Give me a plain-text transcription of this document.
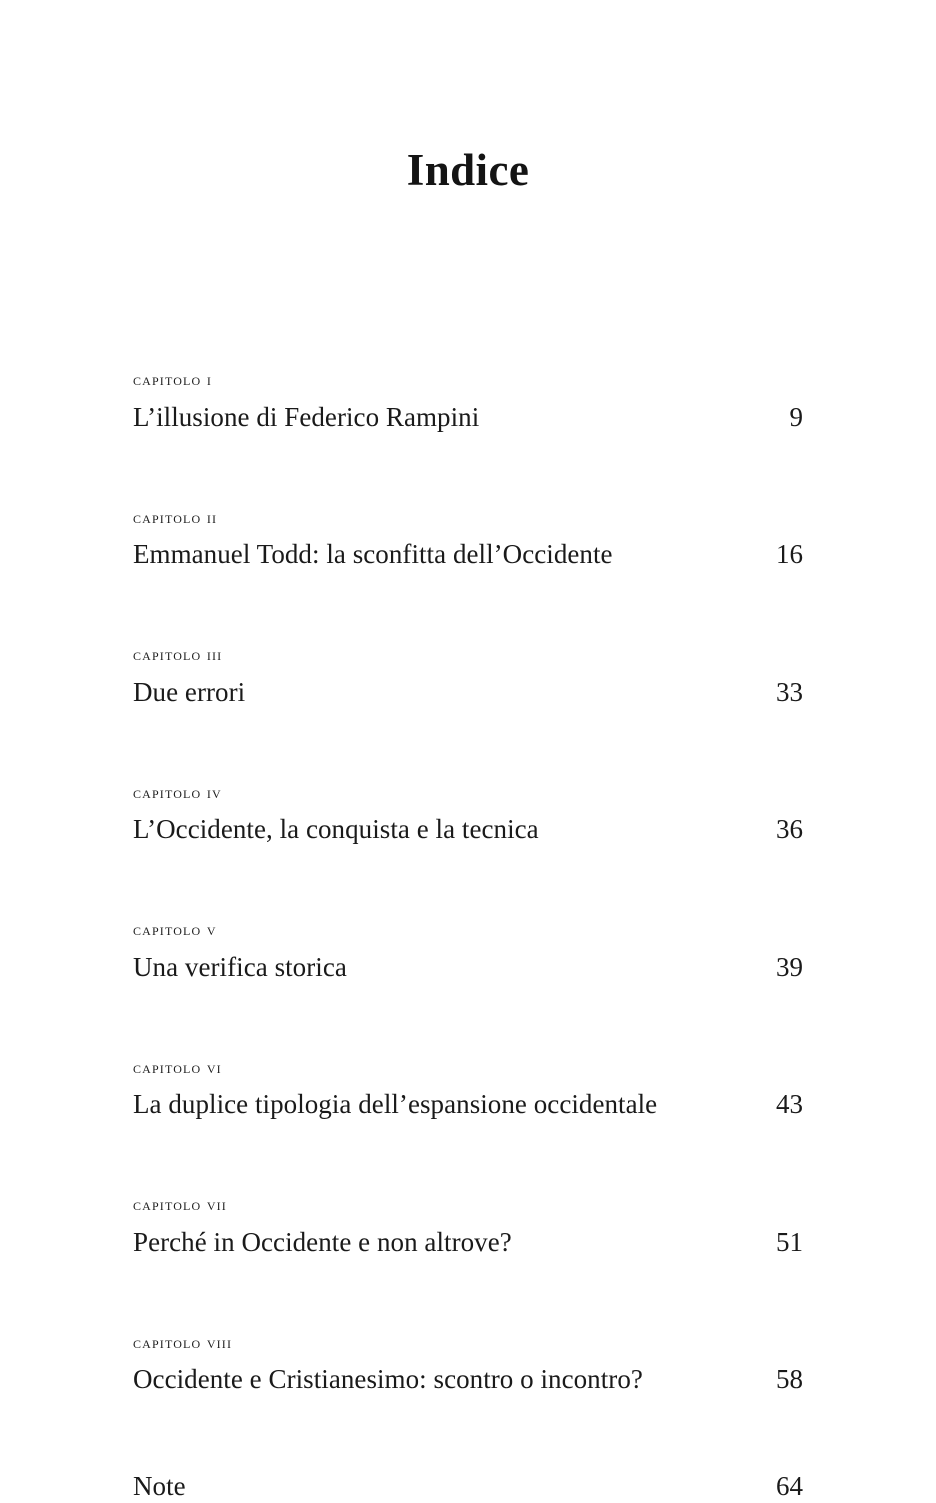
Indice
capitolo i
L’illusione di Federico Rampini	9
capitolo ii
Emmanuel Todd: la sconfitta dell’Occidente	16
capitolo iii
Due errori	33
capitolo iv
L’Occidente, la conquista e la tecnica	36
capitolo v
Una verifica storica	39
capitolo vi
La duplice tipologia dell’espansione occidentale	43
capitolo vii
Perché in Occidente e non altrove?	51
capitolo viii
Occidente e Cristianesimo: scontro o incontro?	58
Note	64
